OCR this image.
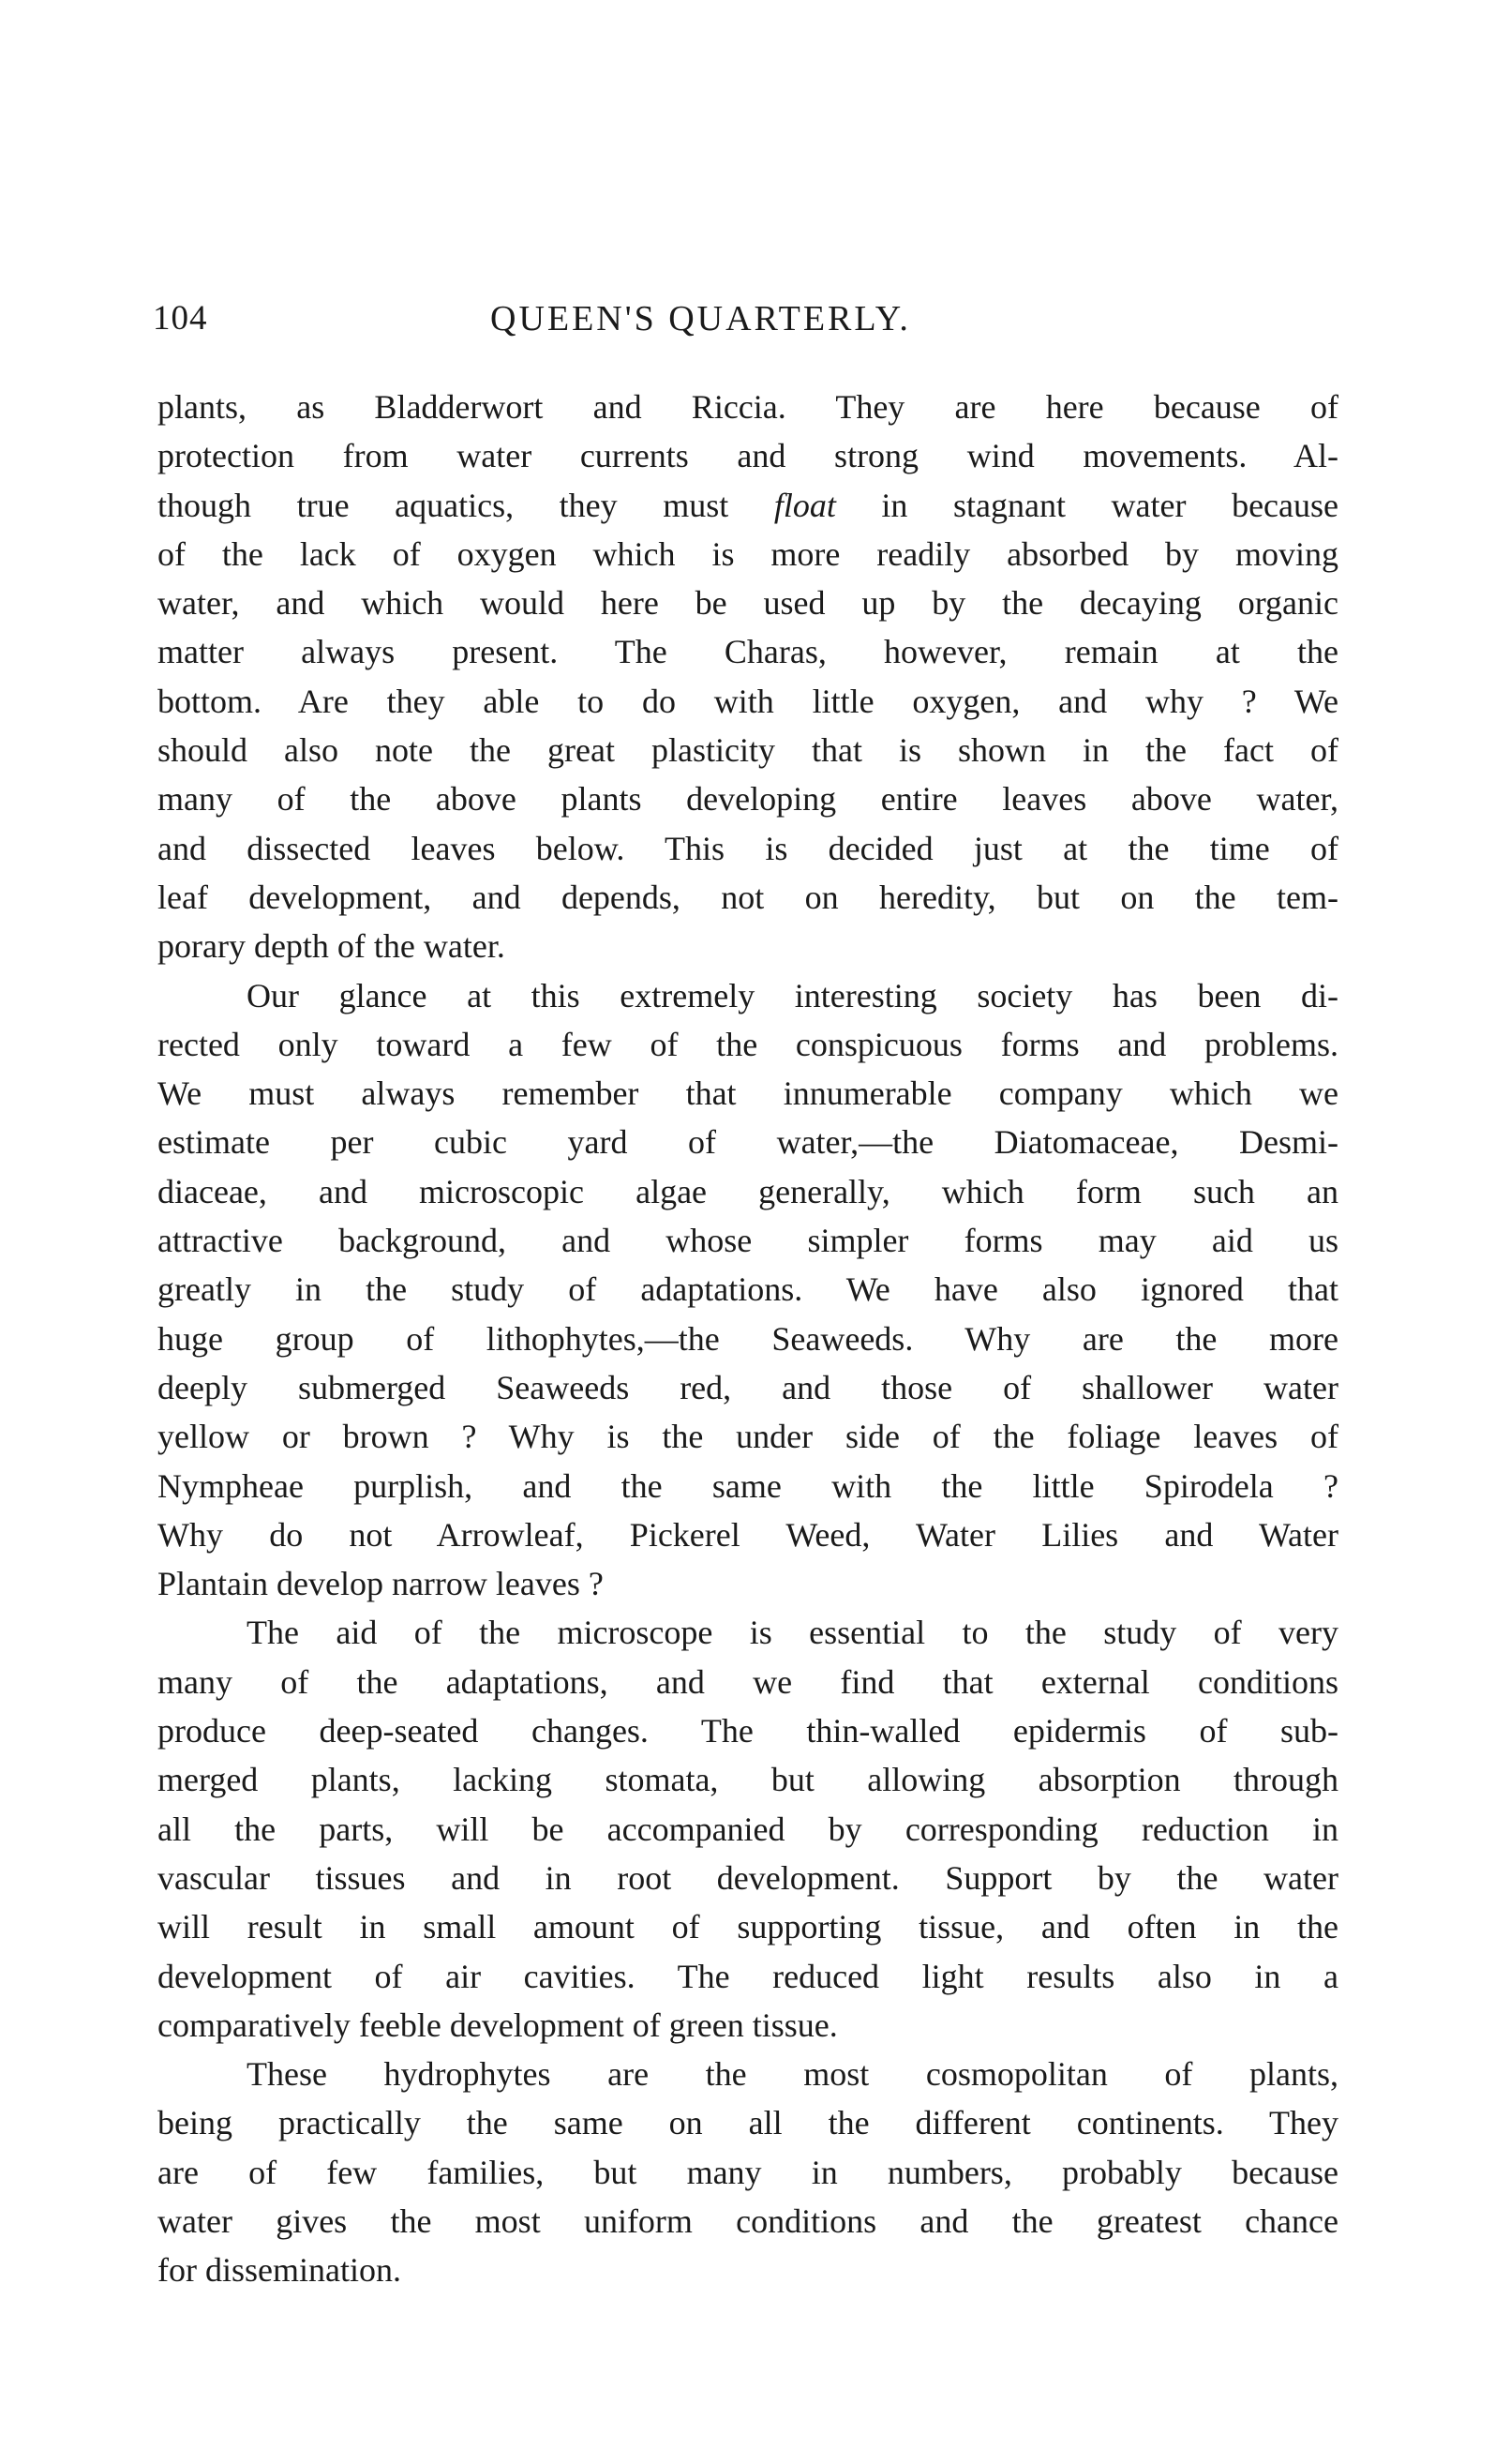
104	QUEEN'S QUARTERLY.
plants, as Bladderwort and Riccia. They are here because of
protection from water currents and strong wind movements. Al-
though true aquatics, they must float in stagnant water because
of the lack of oxygen which is more readily absorbed by moving
water, and which would here be used up by the decaying organic
matter always present. The Charas, however, remain at the
bottom. Are they able to do with little oxygen, and why ? We
should also note the great plasticity that is shown in the fact of
many of the above plants developing entire leaves above water,
and dissected leaves below. This is decided just at the time of
leaf development, and depends, not on heredity, but on the tem-
porary depth of the water.
Our glance at this extremely interesting society has been di-
rected only toward a few of the conspicuous forms and problems.
We must always remember that innumerable company which we
estimate per cubic yard of water,—the Diatomaceae, Desmi-
diaceae, and microscopic algae generally, which form such an
attractive background, and whose simpler forms may aid us
greatly in the study of adaptations. We have also ignored that
huge group of lithophytes,—the Seaweeds. Why are the more
deeply submerged Seaweeds red, and those of shallower water
yellow or brown ? Why is the under side of the foliage leaves of
Nympheae purplish, and the same with the little Spirodela ?
Why do not Arrowleaf, Pickerel Weed, Water Lilies and Water
Plantain develop narrow leaves ?
The aid of the microscope is essential to the study of very
many of the adaptations, and we find that external conditions
produce deep-seated changes. The thin-walled epidermis of sub-
merged plants, lacking stomata, but allowing absorption through
all the parts, will be accompanied by corresponding reduction in
vascular tissues and in root development. Support by the water
will result in small amount of supporting tissue, and often in the
development of air cavities. The reduced light results also in a
comparatively feeble development of green tissue.
These hydrophytes are the most cosmopolitan of plants,
being practically the same on all the different continents. They
are of few families, but many in numbers, probably because
water gives the most uniform conditions and the greatest chance
for dissemination.
